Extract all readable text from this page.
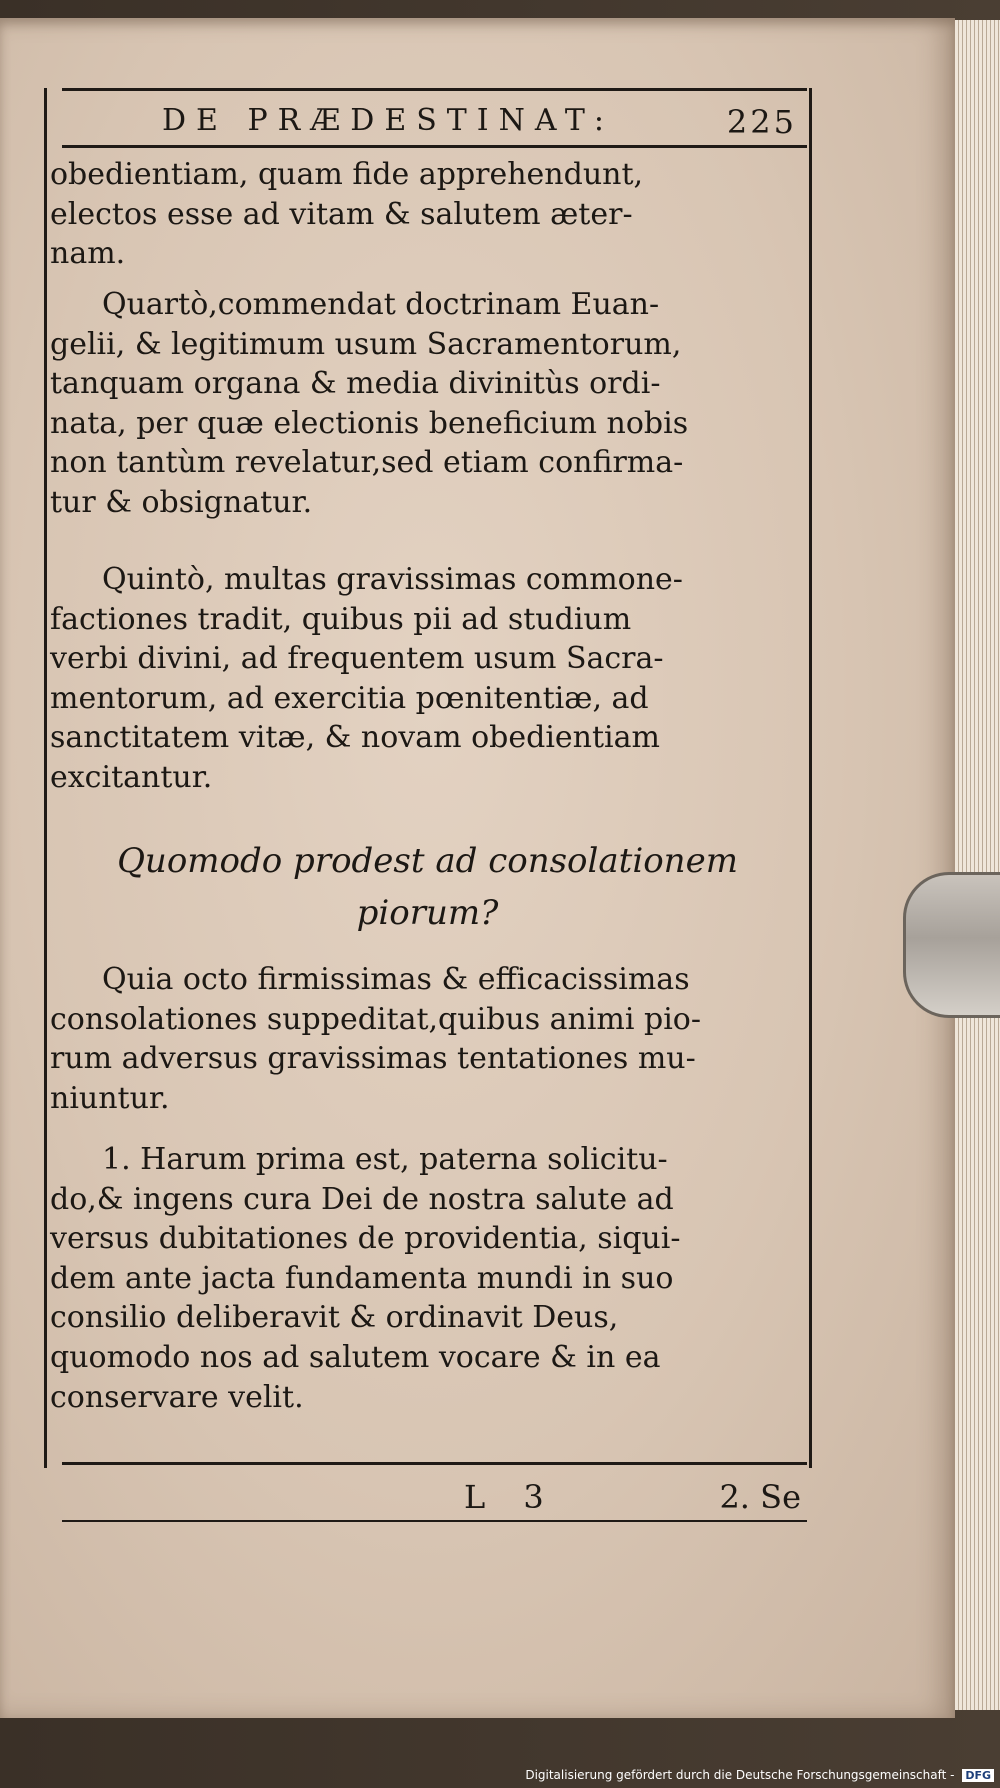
DE PRÆDESTINAT:	225
obedientiam, quam fide apprehendunt,
electos esse ad vitam & salutem æter-
nam.
Quartò,commendat doctrinam Euan-
gelii, & legitimum usum Sacramentorum,
tanquam organa & media divinitùs ordi-
nata, per quæ electionis beneficium nobis
non tantùm revelatur,sed etiam confirma-
tur & obsignatur.
Quintò, multas gravissimas commone-
factiones tradit, quibus pii ad studium
verbi divini, ad frequentem usum Sacra-
mentorum, ad exercitia pœnitentiæ, ad
sanctitatem vitæ, & novam obedientiam
excitantur.
Quomodo prodest ad consolationem
piorum?
Quia octo firmissimas & efficacissimas
consolationes suppeditat,quibus animi pio-
rum adversus gravissimas tentationes mu-
niuntur.
1. Harum prima est, paterna solicitu-
do,& ingens cura Dei de nostra salute ad
versus dubitationes de providentia, siqui-
dem ante jacta fundamenta mundi in suo
consilio deliberavit & ordinavit Deus,
quomodo nos ad salutem vocare & in ea
conservare velit.
L 3	2. Se
Digitalisierung gefördert durch die Deutsche Forschungsgemeinschaft - DFG
